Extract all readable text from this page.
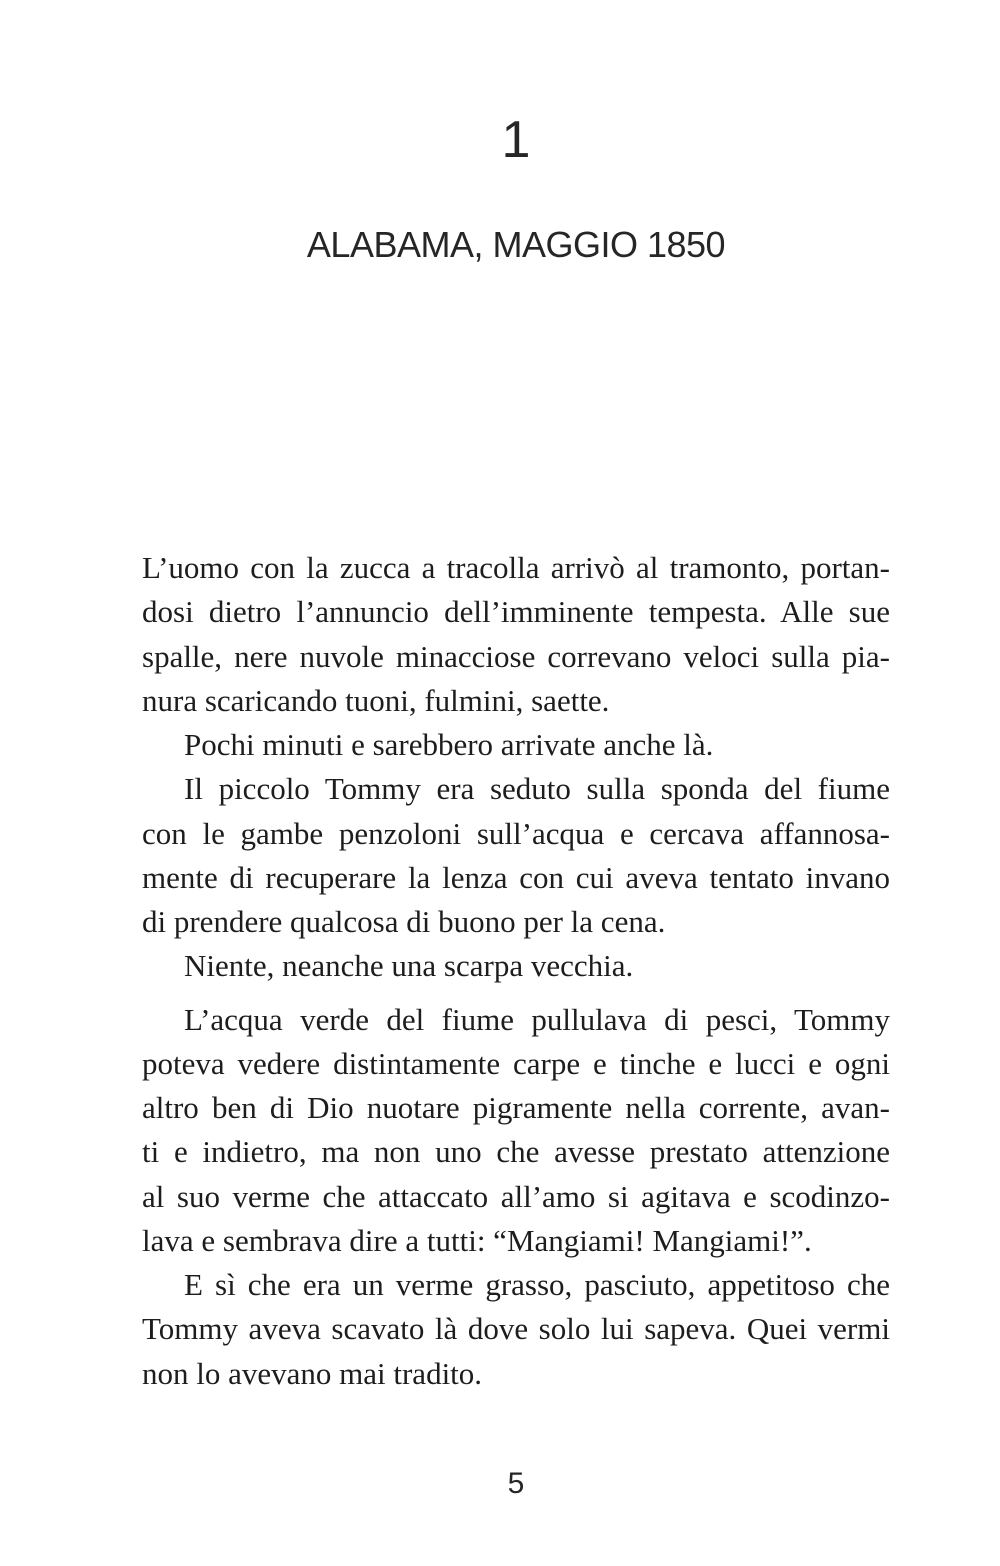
1
ALABAMA, MAGGIO 1850

L’uomo con la zucca a tracolla arrivò al tramonto, portan-
dosi dietro l’annuncio dell’imminente tempesta. Alle sue
spalle, nere nuvole minacciose correvano veloci sulla pia-
nura scaricando tuoni, fulmini, saette.

Pochi minuti e sarebbero arrivate anche là.

Il piccolo Tommy era seduto sulla sponda del fiume
con le gambe penzoloni sull’acqua e cercava affannosa-
mente di recuperare la lenza con cui aveva tentato invano
di prendere qualcosa di buono per la cena.

Niente, neanche una scarpa vecchia.

L’acqua verde del fiume pullulava di pesci, Tommy
poteva vedere distintamente carpe e tinche e lucci e ogni
altro ben di Dio nuotare pigramente nella corrente, avan-
ti e indietro, ma non uno che avesse prestato attenzione
al suo verme che attaccato all’amo si agitava e scodinzo-
lava e sembrava dire a tutti: “Mangiami! Mangiami!”.

E sì che era un verme grasso, pasciuto, appetitoso che
Tommy aveva scavato là dove solo lui sapeva. Quei vermi
non lo avevano mai tradito.

5
